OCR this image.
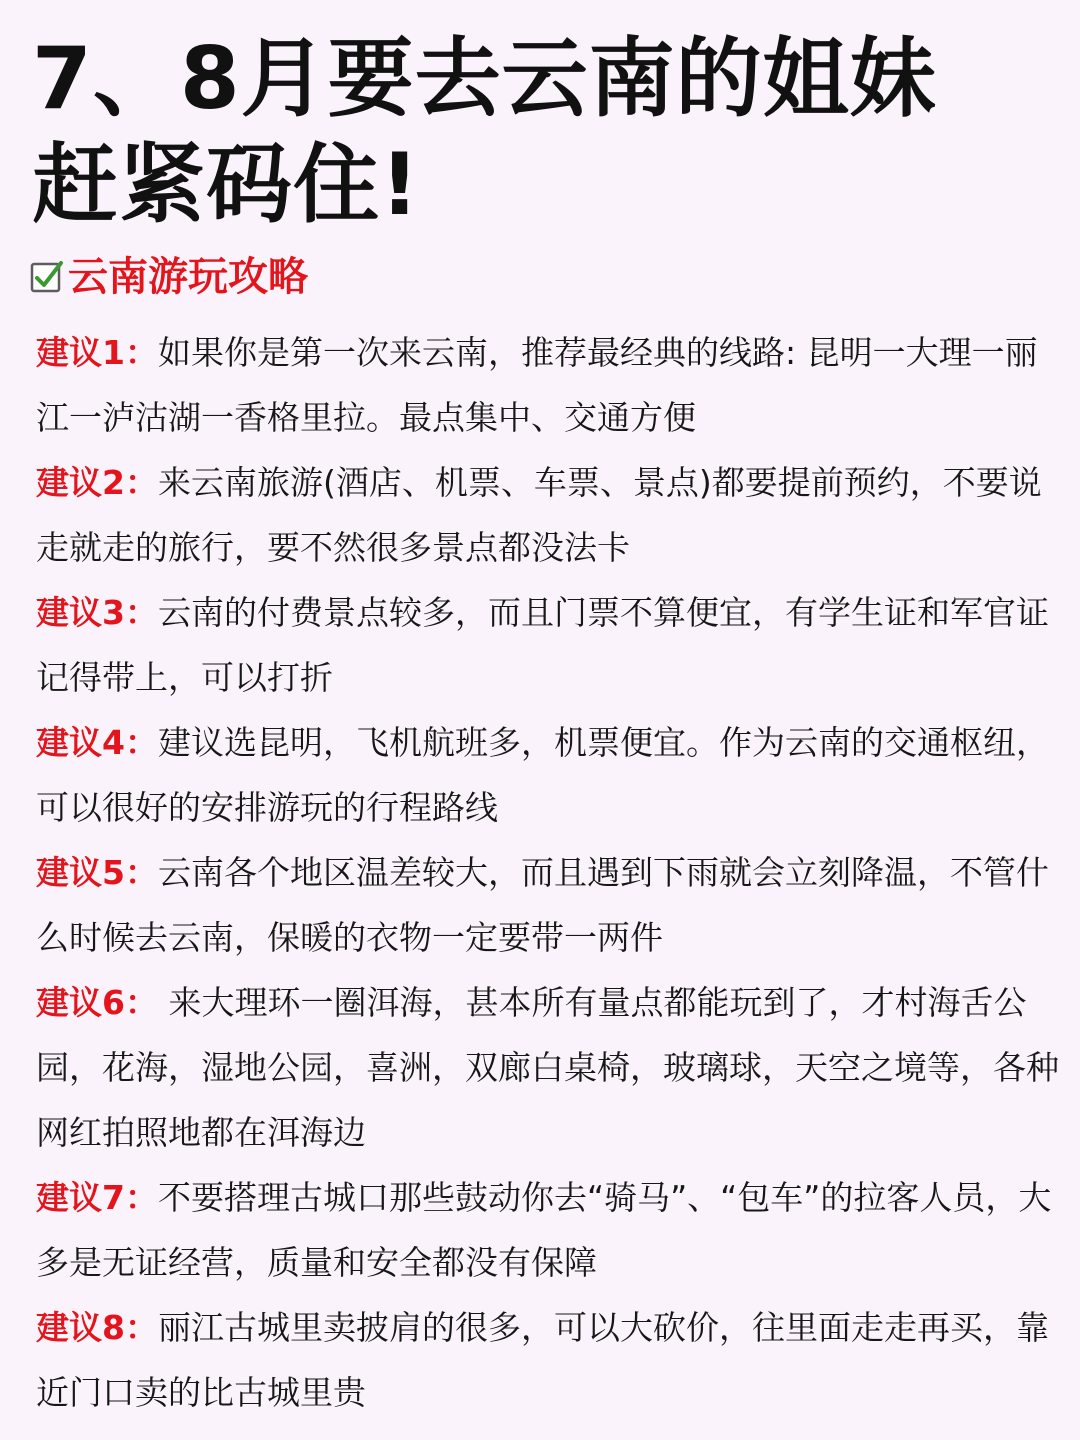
7、8月要去云南的姐妹
赶紧码住!
云南游玩攻略
建议1：如果你是第一次来云南，推荐最经典的线路: 昆明一大理一丽江一泸沽湖一香格里拉。最点集中、交通方便
建议2：来云南旅游(酒店、机票、车票、景点)都要提前预约，不要说走就走的旅行，要不然很多景点都没法卡
建议3：云南的付费景点较多，而且门票不算便宜，有学生证和军官证记得带上，可以打折
建议4：建议选昆明，飞机航班多，机票便宜。作为云南的交通枢纽，可以很好的安排游玩的行程路线
建议5：云南各个地区温差较大，而且遇到下雨就会立刻降温，不管什么时候去云南，保暖的衣物一定要带一两件
建议6： 来大理环一圈洱海，甚本所有量点都能玩到了，才村海舌公园，花海，湿地公园，喜洲，双廊白桌椅，玻璃球，天空之境等，各种网红拍照地都在洱海边
建议7：不要搭理古城口那些鼓动你去“骑马”、“包车”的拉客人员，大多是无证经营，质量和安全都没有保障
建议8：丽江古城里卖披肩的很多，可以大砍价，往里面走走再买，靠近门口卖的比古城里贵
